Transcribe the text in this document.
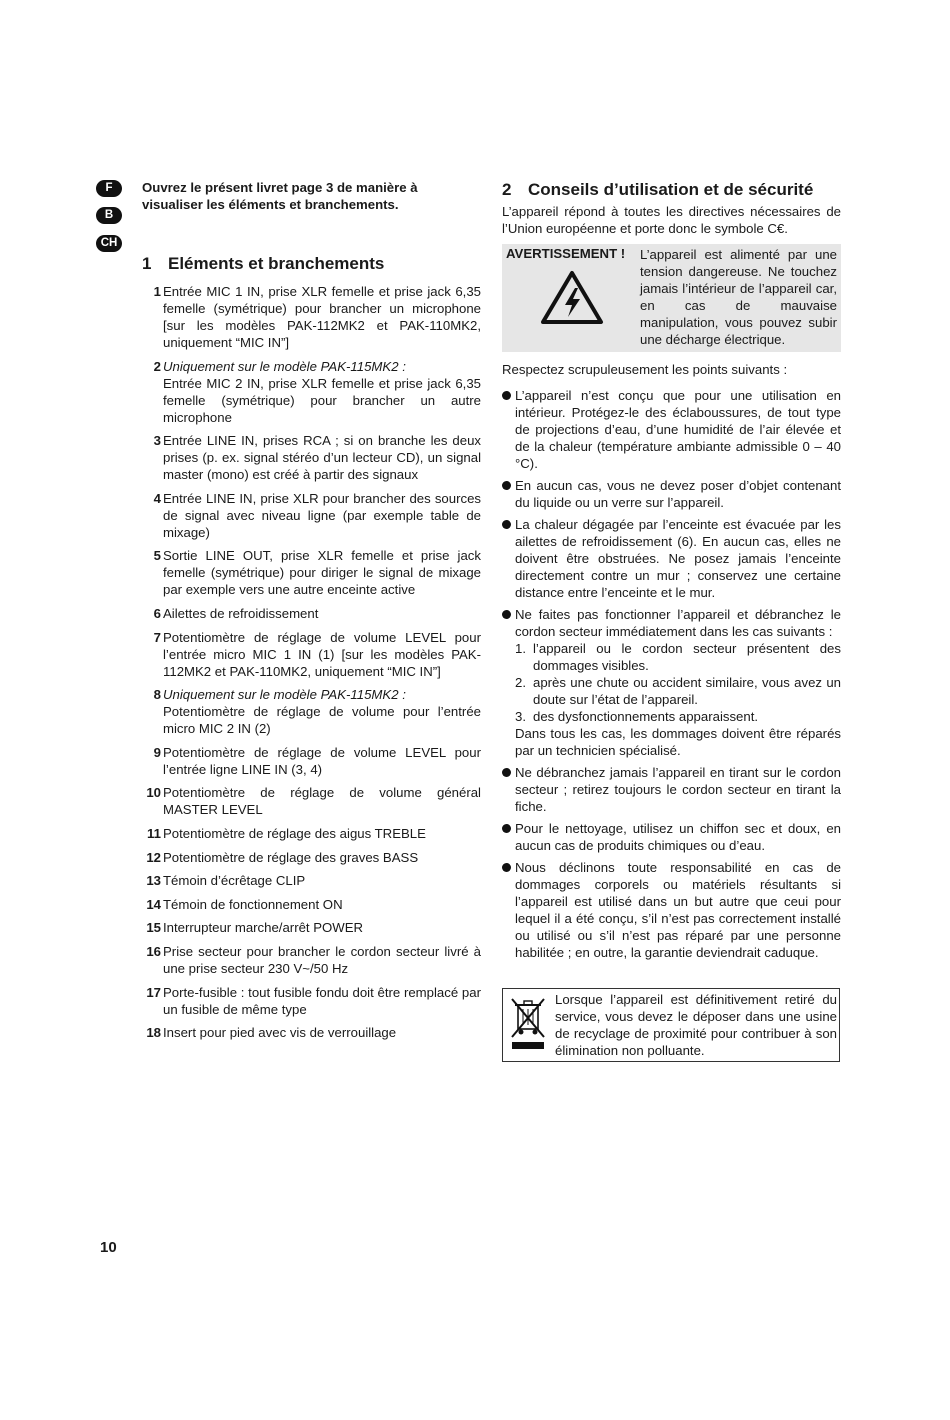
F
B
CH
Ouvrez le présent livret page 3 de manière à visualiser les éléments et branchements.
1 Eléments et branchements
1 Entrée MIC 1 IN, prise XLR femelle et prise jack 6,35 femelle (symétrique) pour brancher un microphone [sur les modèles PAK-112MK2 et PAK-110MK2, uniquement “MIC IN”]
2 Uniquement sur le modèle PAK-115MK2 :
Entrée MIC 2 IN, prise XLR femelle et prise jack 6,35 femelle (symétrique) pour brancher un autre microphone
3 Entrée LINE IN, prises RCA ; si on branche les deux prises (p. ex. signal stéréo d’un lecteur CD), un signal master (mono) est créé à partir des signaux
4 Entrée LINE IN, prise XLR pour brancher des sources de signal avec niveau ligne (par exemple table de mixage)
5 Sortie LINE OUT, prise XLR femelle et prise jack femelle (symétrique) pour diriger le signal de mixage par exemple vers une autre enceinte active
6 Ailettes de refroidissement
7 Potentiomètre de réglage de volume LEVEL pour l’entrée micro MIC 1 IN (1) [sur les modèles PAK-112MK2 et PAK-110MK2, uniquement “MIC IN”]
8 Uniquement sur le modèle PAK-115MK2 :
Potentiomètre de réglage de volume pour l’entrée micro MIC 2 IN (2)
9 Potentiomètre de réglage de volume LEVEL pour l’entrée ligne LINE IN (3, 4)
10 Potentiomètre de réglage de volume général MASTER LEVEL
11 Potentiomètre de réglage des aigus TREBLE
12 Potentiomètre de réglage des graves BASS
13 Témoin d’écrêtage CLIP
14 Témoin de fonctionnement ON
15 Interrupteur marche/arrêt POWER
16 Prise secteur pour brancher le cordon secteur livré à une prise secteur 230 V~/50 Hz
17 Porte-fusible : tout fusible fondu doit être remplacé par un fusible de même type
18 Insert pour pied avec vis de verrouillage
2 Conseils d’utilisation et de sécurité
L’appareil répond à toutes les directives nécessaires de l’Union européenne et porte donc le symbole C€.
AVERTISSEMENT ! L’appareil est alimenté par une tension dangereuse. Ne touchez jamais l’intérieur de l’appareil car, en cas de mauvaise manipulation, vous pouvez subir une décharge électrique.
Respectez scrupuleusement les points suivants :
L’appareil n’est conçu que pour une utilisation en intérieur. Protégez-le des éclaboussures, de tout type de projections d’eau, d’une humidité de l’air élevée et de la chaleur (température ambiante admissible 0 – 40 °C).
En aucun cas, vous ne devez poser d’objet contenant du liquide ou un verre sur l’appareil.
La chaleur dégagée par l’enceinte est évacuée par les ailettes de refroidissement (6). En aucun cas, elles ne doivent être obstruées. Ne posez jamais l’enceinte directement contre un mur ; conservez une certaine distance entre l’enceinte et le mur.
Ne faites pas fonctionner l’appareil et débranchez le cordon secteur immédiatement dans les cas suivants :
1. l’appareil ou le cordon secteur présentent des dommages visibles.
2. après une chute ou accident similaire, vous avez un doute sur l’état de l’appareil.
3. des dysfonctionnements apparaissent.
Dans tous les cas, les dommages doivent être réparés par un technicien spécialisé.
Ne débranchez jamais l’appareil en tirant sur le cordon secteur ; retirez toujours le cordon secteur en tirant la fiche.
Pour le nettoyage, utilisez un chiffon sec et doux, en aucun cas de produits chimiques ou d’eau.
Nous déclinons toute responsabilité en cas de dommages corporels ou matériels résultants si l’appareil est utilisé dans un but autre que ceui pour lequel il a été conçu, s’il n’est pas correctement installé ou utilisé ou s’il n’est pas réparé par une personne habilitée ; en outre, la garantie deviendrait caduque.
Lorsque l’appareil est définitivement retiré du service, vous devez le déposer dans une usine de recyclage de proximité pour contribuer à son élimination non polluante.
10
